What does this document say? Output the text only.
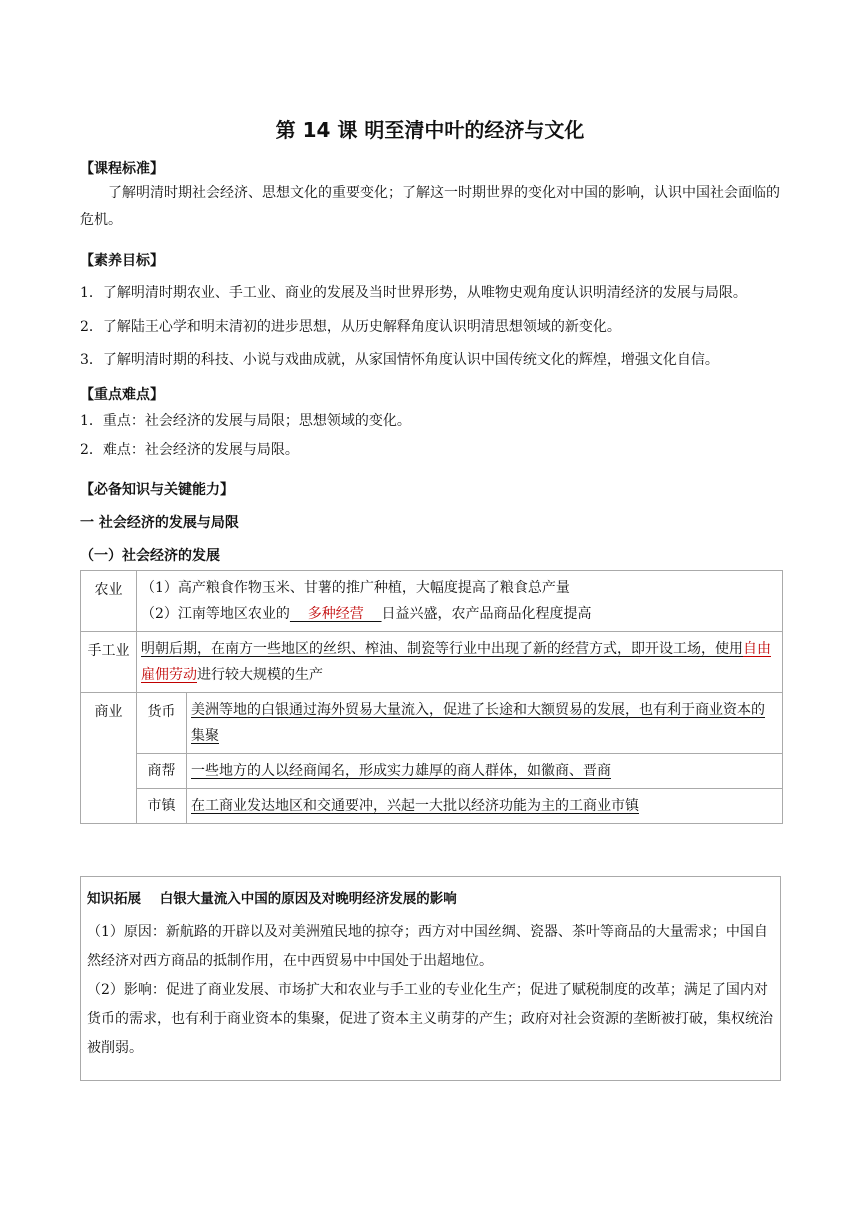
第 14 课 明至清中叶的经济与文化
【课程标准】
了解明清时期社会经济、思想文化的重要变化；了解这一时期世界的变化对中国的影响，认识中国社会面临的危机。
【素养目标】
1．了解明清时期农业、手工业、商业的发展及当时世界形势，从唯物史观角度认识明清经济的发展与局限。
2．了解陆王心学和明末清初的进步思想，从历史解释角度认识明清思想领域的新变化。
3．了解明清时期的科技、小说与戏曲成就，从家国情怀角度认识中国传统文化的辉煌，增强文化自信。
【重点难点】
1．重点：社会经济的发展与局限；思想领域的变化。
2．难点：社会经济的发展与局限。
【必备知识与关键能力】
一 社会经济的发展与局限
（一）社会经济的发展
农业	（1）高产粮食作物玉米、甘薯的推广种植，大幅度提高了粮食总产量
（2）江南等地区农业的    多种经营    日益兴盛，农产品商品化程度提高	

手工业	明朝后期，在南方一些地区的丝织、榨油、制瓷等行业中出现了新的经营方式，即开设工场，使用自由雇佣劳动进行较大规模的生产	
商业	货币	美洲等地的白银通过海外贸易大量流入，促进了长途和大额贸易的发展，也有利于商业资本的集聚
	商帮	一些地方的人以经商闻名，形成实力雄厚的商人群体，如徽商、晋商
	市镇	在工商业发达地区和交通要冲，兴起一大批以经济功能为主的工商业市镇
知识拓展    白银大量流入中国的原因及对晚明经济发展的影响
（1）原因：新航路的开辟以及对美洲殖民地的掠夺；西方对中国丝绸、瓷器、茶叶等商品的大量需求；中国自然经济对西方商品的抵制作用，在中西贸易中中国处于出超地位。
（2）影响：促进了商业发展、市场扩大和农业与手工业的专业化生产；促进了赋税制度的改革；满足了国内对货币的需求，也有利于商业资本的集聚，促进了资本主义萌芽的产生；政府对社会资源的垄断被打破，集权统治被削弱。
